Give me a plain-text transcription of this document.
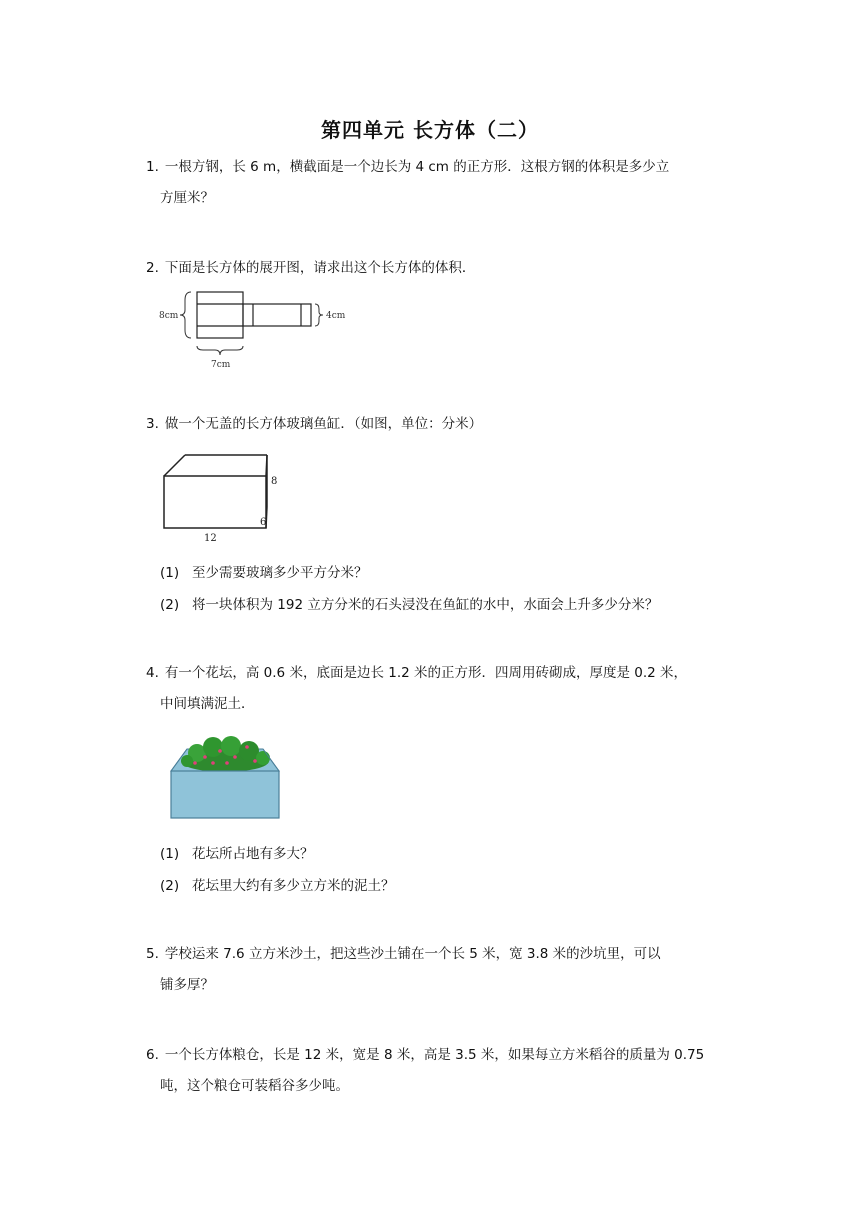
第四单元 长方体（二）
1. 一根方钢，长 6 m，横截面是一个边长为 4 cm 的正方形．这根方钢的体积是多少立
方厘米？
2. 下面是长方体的展开图，请求出这个长方体的体积．
8cm	4cm
7cm
3. 做一个无盖的长方体玻璃鱼缸．（如图，单位：分米）
8
6
12
(1) 至少需要玻璃多少平方分米？
(2) 将一块体积为 192 立方分米的石头浸没在鱼缸的水中，水面会上升多少分米？
4. 有一个花坛，高 0.6 米，底面是边长 1.2 米的正方形．四周用砖砌成，厚度是 0.2 米，
中间填满泥土．
(1) 花坛所占地有多大？
(2) 花坛里大约有多少立方米的泥土？
5. 学校运来 7.6 立方米沙土，把这些沙土铺在一个长 5 米，宽 3.8 米的沙坑里，可以
铺多厚？
6. 一个长方体粮仓，长是 12 米，宽是 8 米，高是 3.5 米，如果每立方米稻谷的质量为 0.75
吨，这个粮仓可装稻谷多少吨。
